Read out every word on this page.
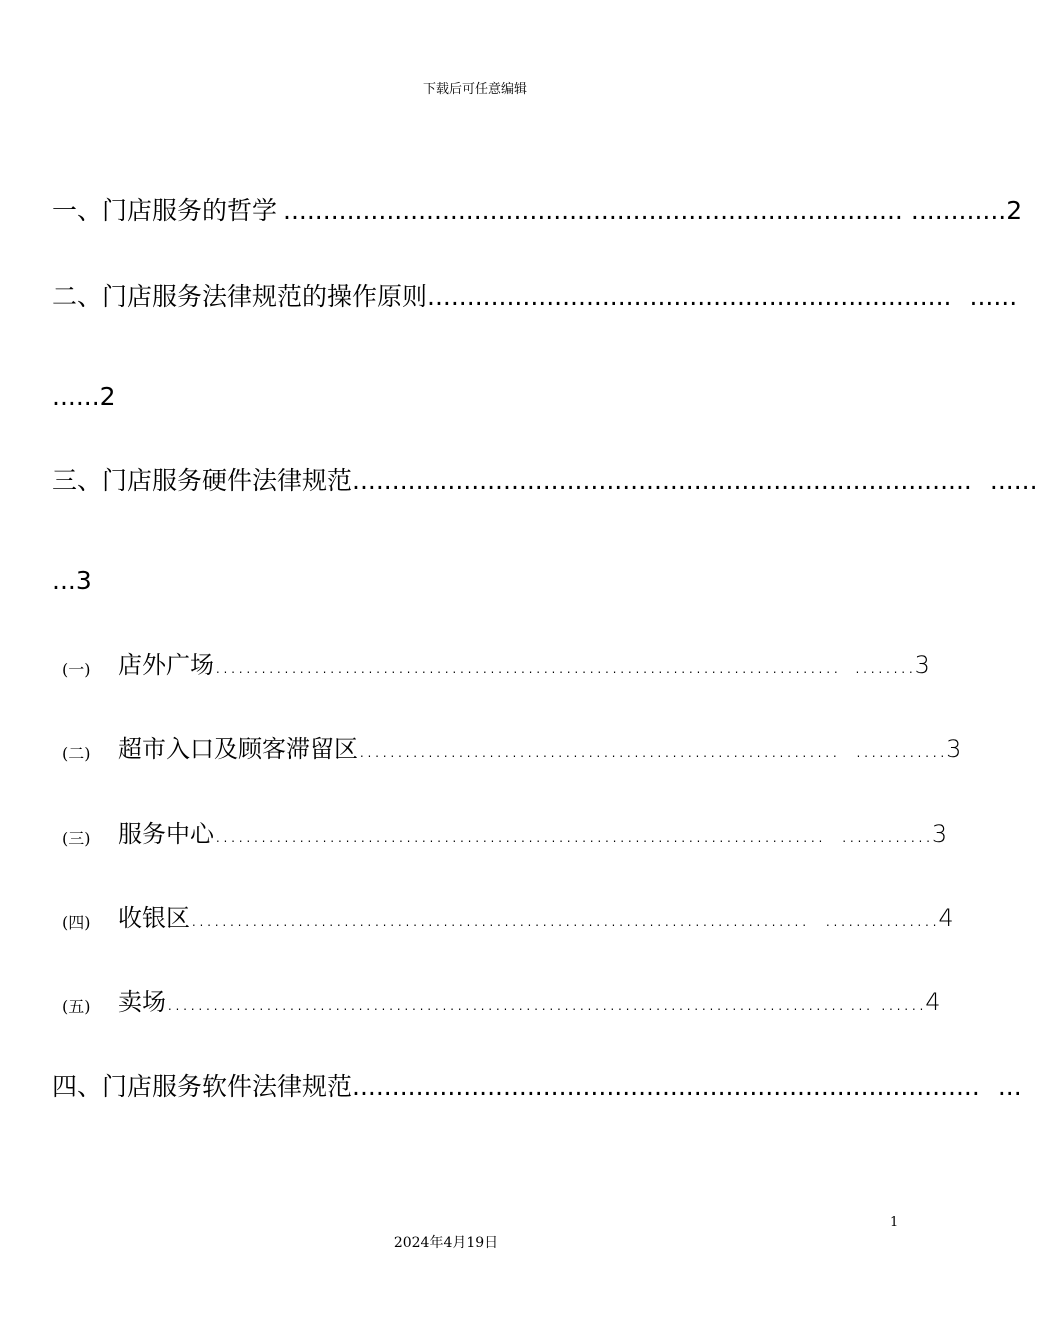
下载后可任意编辑
一、门店服务的哲学 .............................................................................. ............2
二、门店服务法律规范的操作原则.................................................................. ......
......2
三、门店服务硬件法律规范.............................................................................. ......
...3
(一) 店外广场.................................................................................. ........3
(二) 超市入口及顾客滞留区............................................................... ............3
(三) 服务中心................................................................................ ............3
(四) 收银区................................................................................. ...............4
(五) 卖场......................................................................................... ... ......4
四、门店服务软件法律规范............................................................................... ...
1
2024年4月19日
